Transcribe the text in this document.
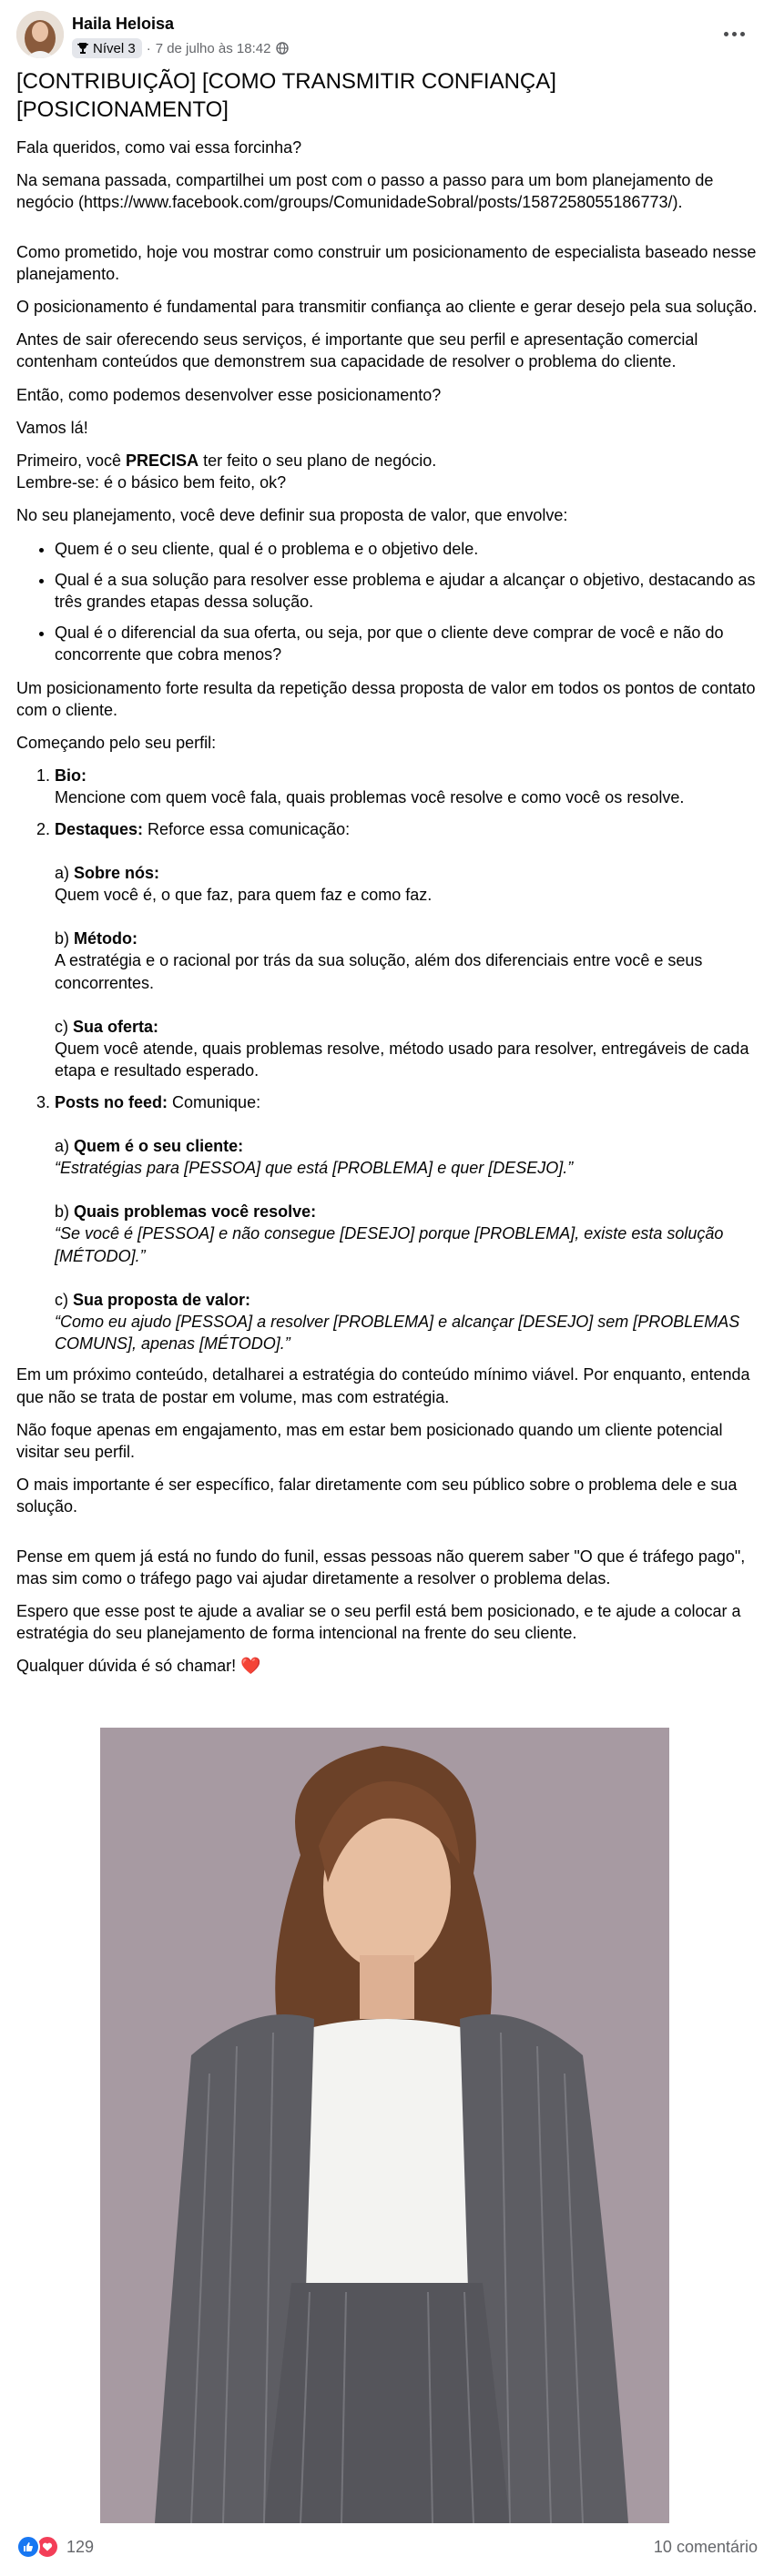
Haila Heloisa
Nível 3 · 7 de julho às 18:42
[CONTRIBUIÇÃO] [COMO TRANSMITIR CONFIANÇA] [POSICIONAMENTO]

Fala queridos, como vai essa forcinha?

Na semana passada, compartilhei um post com o passo a passo para um bom planejamento de negócio (https://www.facebook.com/groups/ComunidadeSobral/posts/1587258055186773/).

Como prometido, hoje vou mostrar como construir um posicionamento de especialista baseado nesse planejamento.

O posicionamento é fundamental para transmitir confiança ao cliente e gerar desejo pela sua solução.

Antes de sair oferecendo seus serviços, é importante que seu perfil e apresentação comercial contenham conteúdos que demonstrem sua capacidade de resolver o problema do cliente.

Então, como podemos desenvolver esse posicionamento?

Vamos lá!

Primeiro, você PRECISA ter feito o seu plano de negócio.
Lembre-se: é o básico bem feito, ok?

No seu planejamento, você deve definir sua proposta de valor, que envolve:

• Quem é o seu cliente, qual é o problema e o objetivo dele.
• Qual é a sua solução para resolver esse problema e ajudar a alcançar o objetivo, destacando as três grandes etapas dessa solução.
• Qual é o diferencial da sua oferta, ou seja, por que o cliente deve comprar de você e não do concorrente que cobra menos?

Um posicionamento forte resulta da repetição dessa proposta de valor em todos os pontos de contato com o cliente.

Começando pelo seu perfil:

1. Bio:
Mencione com quem você fala, quais problemas você resolve e como você os resolve.
2. Destaques: Reforce essa comunicação:
a) Sobre nós:
Quem você é, o que faz, para quem faz e como faz.
b) Método:
A estratégia e o racional por trás da sua solução, além dos diferenciais entre você e seus concorrentes.
c) Sua oferta:
Quem você atende, quais problemas resolve, método usado para resolver, entregáveis de cada etapa e resultado esperado.
3. Posts no feed: Comunique:
a) Quem é o seu cliente:
“Estratégias para [PESSOA] que está [PROBLEMA] e quer [DESEJO].”
b) Quais problemas você resolve:
“Se você é [PESSOA] e não consegue [DESEJO] porque [PROBLEMA], existe esta solução [MÉTODO].”
c) Sua proposta de valor:
“Como eu ajudo [PESSOA] a resolver [PROBLEMA] e alcançar [DESEJO] sem [PROBLEMAS COMUNS], apenas [MÉTODO].”

Em um próximo conteúdo, detalharei a estratégia do conteúdo mínimo viável. Por enquanto, entenda que não se trata de postar em volume, mas com estratégia.

Não foque apenas em engajamento, mas em estar bem posicionado quando um cliente potencial visitar seu perfil.

O mais importante é ser específico, falar diretamente com seu público sobre o problema dele e sua solução.

Pense em quem já está no fundo do funil, essas pessoas não querem saber "O que é tráfego pago", mas sim como o tráfego pago vai ajudar diretamente a resolver o problema delas.

Espero que esse post te ajude a avaliar se o seu perfil está bem posicionado, e te ajude a colocar a estratégia do seu planejamento de forma intencional na frente do seu cliente.

Qualquer dúvida é só chamar! ❤️

129	10 comentário
